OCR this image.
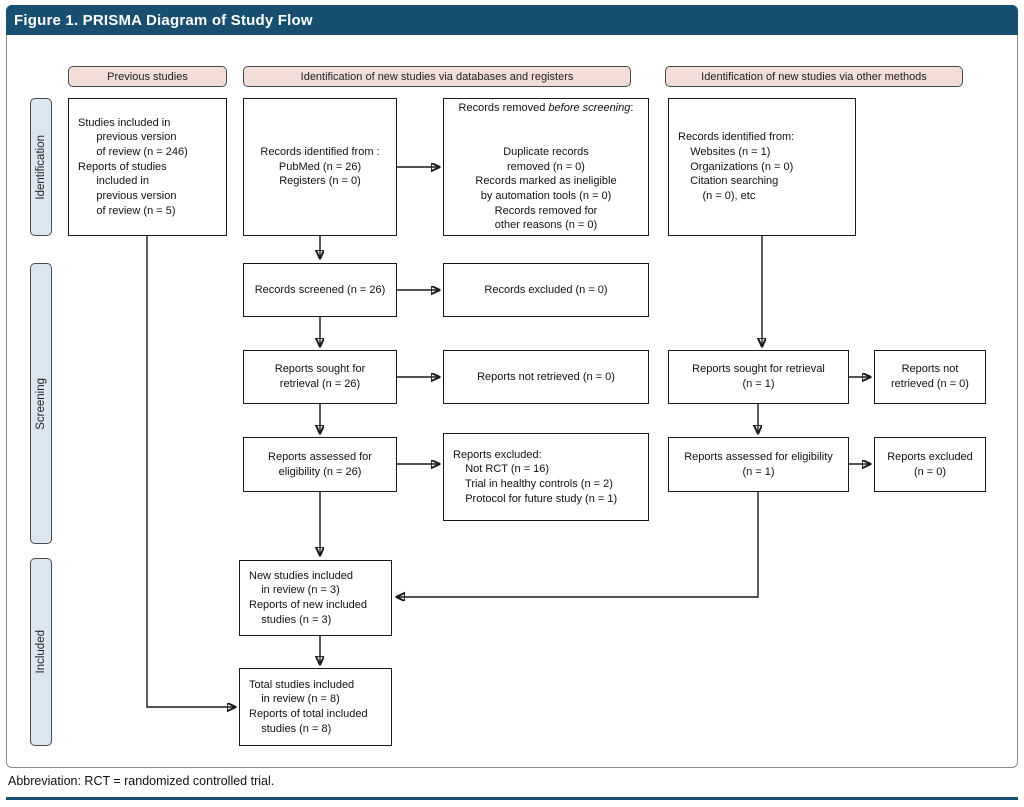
Figure 1. PRISMA Diagram of Study Flow
Previous studies	Identification of new studies via databases and registers	Identification of new studies via other methods
Identification
Screening
Included
Studies included in
previous version
of review (n = 246)
Reports of studies
included in
previous version
of review (n = 5)
Records identified from :
PubMed (n = 26)
Registers (n = 0)

Records removed before screening:

Duplicate records
removed (n = 0)
Records marked as ineligible
by automation tools (n = 0)
Records removed for
other reasons (n = 0)

Records identified from:
Websites (n = 1)
Organizations (n = 0)
Citation searching
(n = 0), etc
Records screened (n = 26)	Records excluded (n = 0)
Reports sought for
retrieval (n = 26)
Reports not retrieved (n = 0)
Reports sought for retrieval
(n = 1)
Reports not
retrieved (n = 0)
Reports assessed for
eligibility (n = 26)
Reports excluded:
Not RCT (n = 16)
Trial in healthy controls (n = 2)
Protocol for future study (n = 1)
Reports assessed for eligibility
(n = 1)
Reports excluded
(n = 0)
New studies included
in review (n = 3)
Reports of new included
studies (n = 3)
Total studies included
in review (n = 8)
Reports of total included
studies (n = 8)
Abbreviation: RCT = randomized controlled trial.
